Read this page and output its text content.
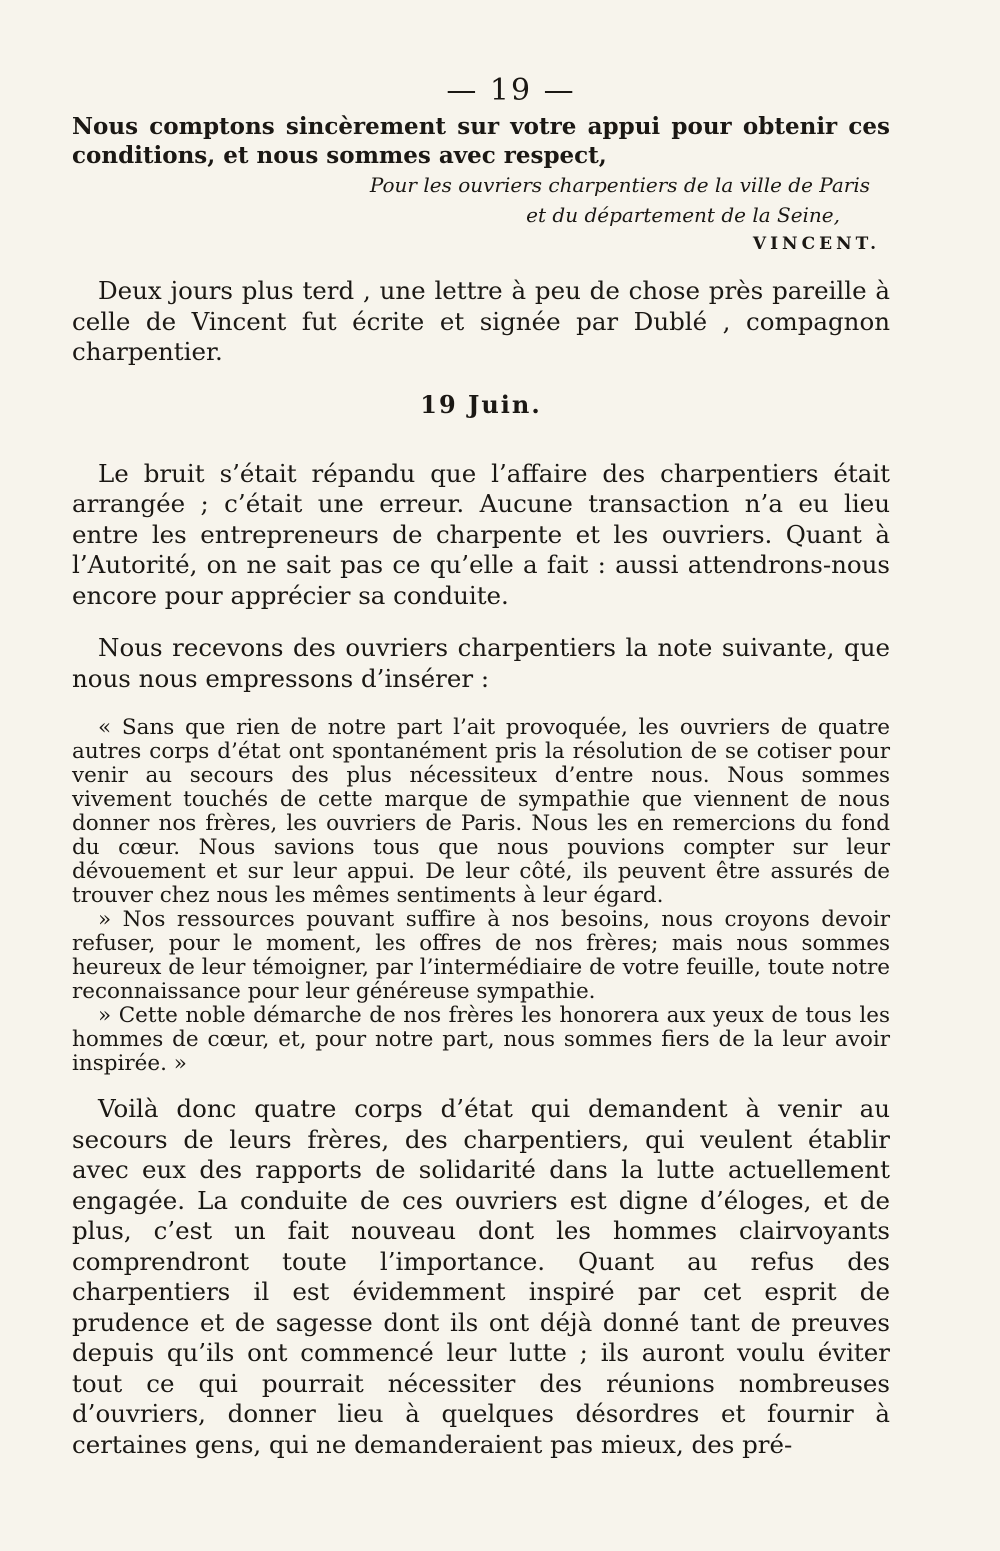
— 19 —

Nous comptons sincèrement sur votre appui pour obtenir ces conditions, et nous sommes avec respect,

Pour les ouvriers charpentiers de la ville de Paris
et du département de la Seine,
VINCENT.

Deux jours plus terd , une lettre à peu de chose près pareille à celle de Vincent fut écrite et signée par Dublé , compagnon charpentier.

19 Juin.

Le bruit s’était répandu que l’affaire des charpentiers était arrangée ; c’était une erreur. Aucune transaction n’a eu lieu entre les entrepreneurs de charpente et les ouvriers. Quant à l’Autorité, on ne sait pas ce qu’elle a fait : aussi attendrons-nous encore pour apprécier sa conduite.

Nous recevons des ouvriers charpentiers la note suivante, que nous nous empressons d’insérer :

« Sans que rien de notre part l’ait provoquée, les ouvriers de quatre autres corps d’état ont spontanément pris la résolution de se cotiser pour venir au secours des plus nécessiteux d’entre nous. Nous sommes vivement touchés de cette marque de sympathie que viennent de nous donner nos frères, les ouvriers de Paris. Nous les en remercions du fond du cœur. Nous savions tous que nous pouvions compter sur leur dévouement et sur leur appui. De leur côté, ils peuvent être assurés de trouver chez nous les mêmes sentiments à leur égard.

» Nos ressources pouvant suffire à nos besoins, nous croyons devoir refuser, pour le moment, les offres de nos frères; mais nous sommes heureux de leur témoigner, par l’intermédiaire de votre feuille, toute notre reconnaissance pour leur généreuse sympathie.

» Cette noble démarche de nos frères les honorera aux yeux de tous les hommes de cœur, et, pour notre part, nous sommes fiers de la leur avoir inspirée. »

Voilà donc quatre corps d’état qui demandent à venir au secours de leurs frères, des charpentiers, qui veulent établir avec eux des rapports de solidarité dans la lutte actuellement engagée. La conduite de ces ouvriers est digne d’éloges, et de plus, c’est un fait nouveau dont les hommes clairvoyants comprendront toute l’importance. Quant au refus des charpentiers il est évidemment inspiré par cet esprit de prudence et de sagesse dont ils ont déjà donné tant de preuves depuis qu’ils ont commencé leur lutte ; ils auront voulu éviter tout ce qui pourrait nécessiter des réunions nombreuses d’ouvriers, donner lieu à quelques désordres et fournir à certaines gens, qui ne demanderaient pas mieux, des pré-
